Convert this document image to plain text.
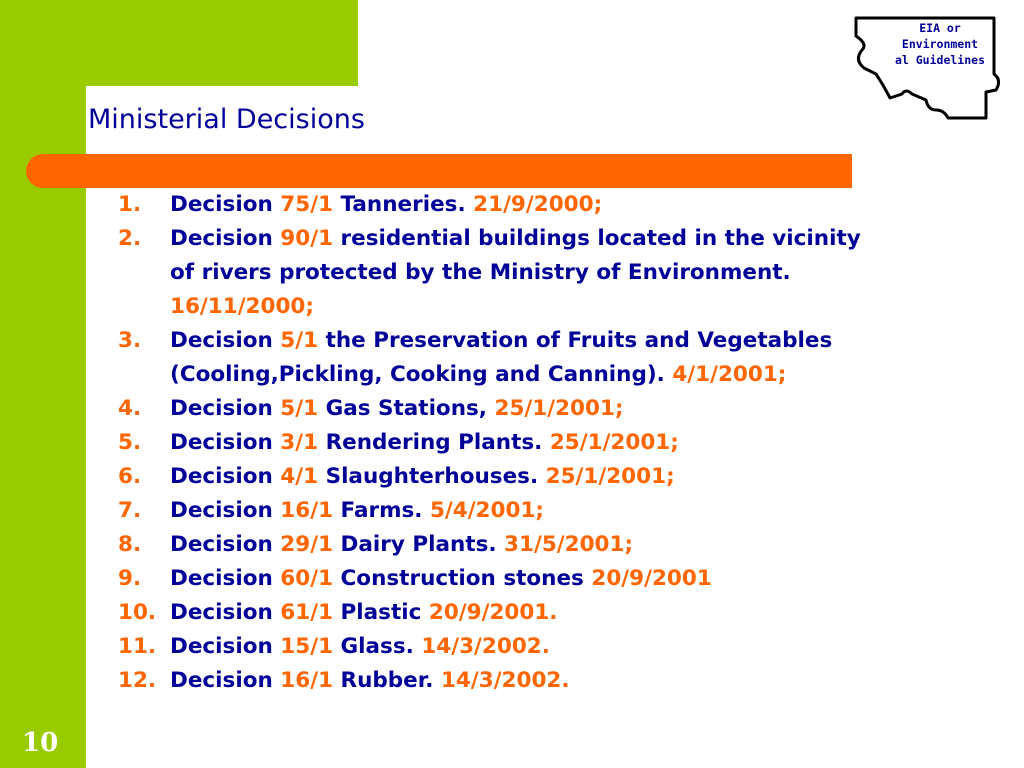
10
Ministerial Decisions
EIA or
Environment
al Guidelines
1. Decision 75/1 Tanneries. 21/9/2000;
2. Decision 90/1 residential buildings located in the vicinity of rivers protected by the Ministry of Environment. 16/11/2000;
3. Decision 5/1 the Preservation of Fruits and Vegetables (Cooling,Pickling, Cooking and Canning). 4/1/2001;
4. Decision 5/1 Gas Stations, 25/1/2001;
5. Decision 3/1 Rendering Plants. 25/1/2001;
6. Decision 4/1 Slaughterhouses. 25/1/2001;
7. Decision 16/1 Farms. 5/4/2001;
8. Decision 29/1 Dairy Plants. 31/5/2001;
9. Decision 60/1 Construction stones 20/9/2001
10. Decision 61/1 Plastic 20/9/2001.
11. Decision 15/1 Glass. 14/3/2002.
12. Decision 16/1 Rubber. 14/3/2002.
